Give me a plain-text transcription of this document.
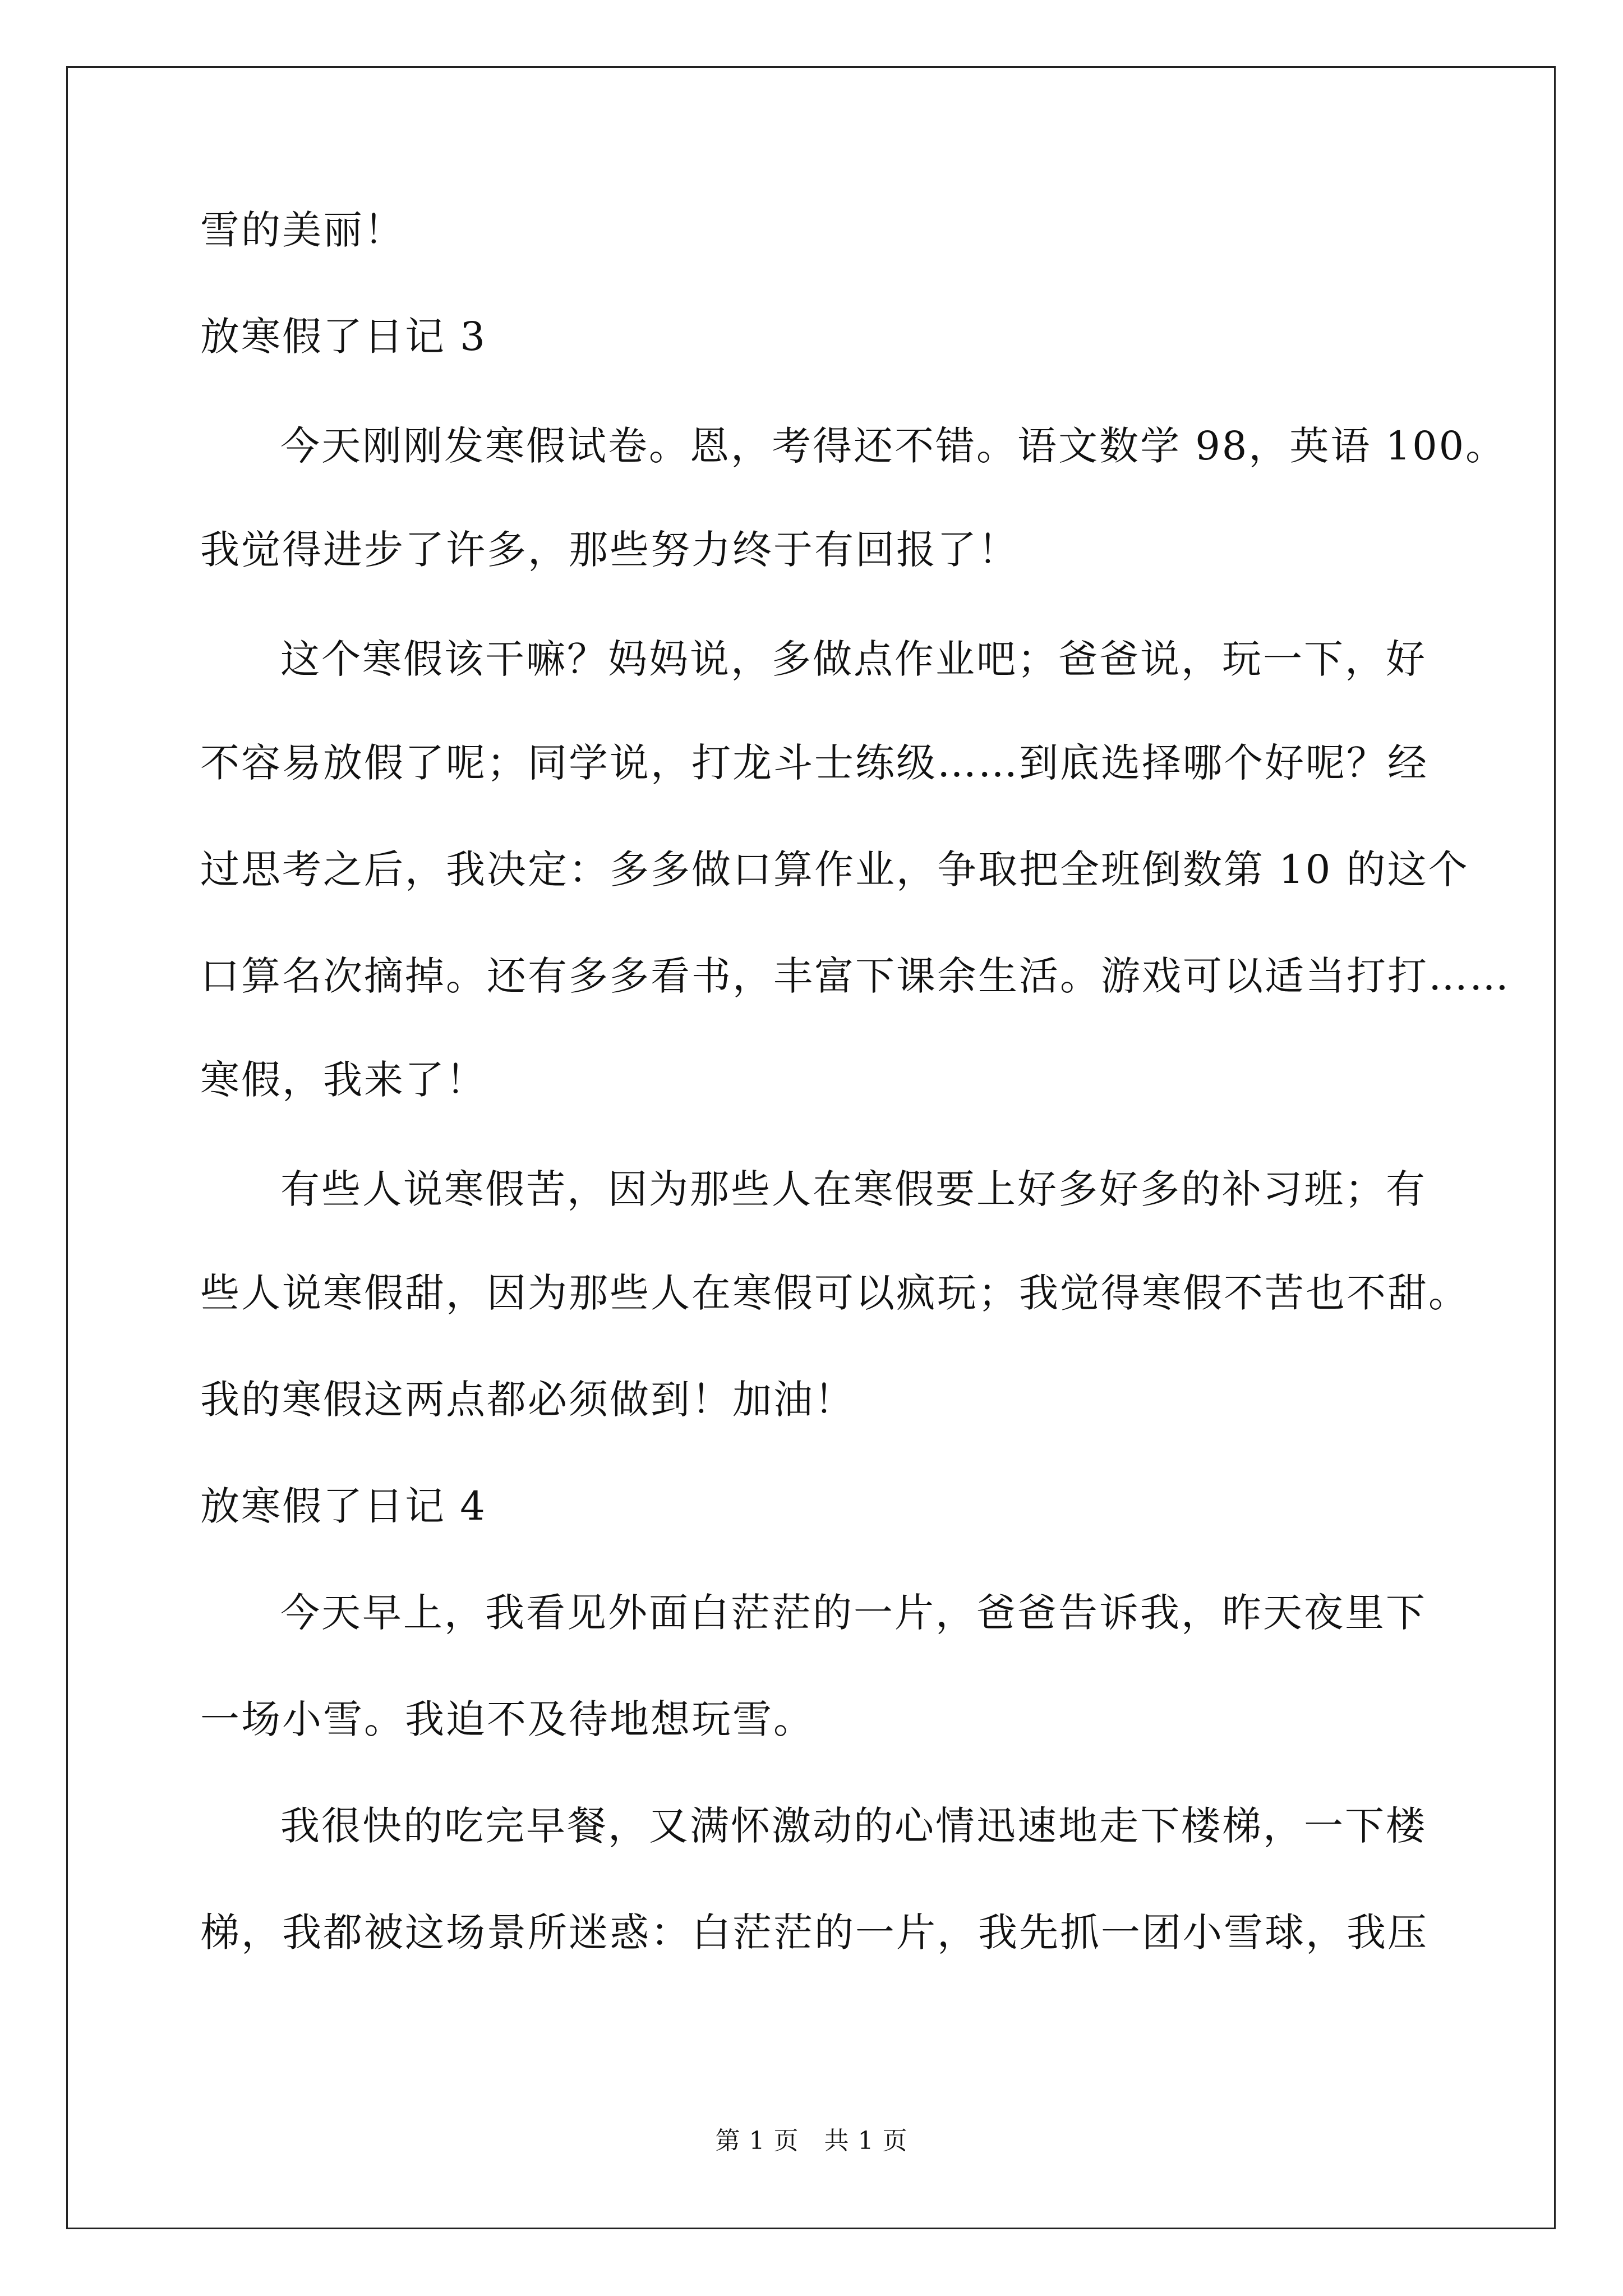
雪的美丽！
放寒假了日记 3
今天刚刚发寒假试卷。恩，考得还不错。语文数学 98，英语 100。
我觉得进步了许多，那些努力终于有回报了！
这个寒假该干嘛？妈妈说，多做点作业吧；爸爸说，玩一下，好
不容易放假了呢；同学说，打龙斗士练级……到底选择哪个好呢？经
过思考之后，我决定：多多做口算作业，争取把全班倒数第 10 的这个
口算名次摘掉。还有多多看书，丰富下课余生活。游戏可以适当打打……
寒假，我来了！
有些人说寒假苦，因为那些人在寒假要上好多好多的补习班；有
些人说寒假甜，因为那些人在寒假可以疯玩；我觉得寒假不苦也不甜。
我的寒假这两点都必须做到！加油！
放寒假了日记 4
今天早上，我看见外面白茫茫的一片，爸爸告诉我，昨天夜里下
一场小雪。我迫不及待地想玩雪。
我很快的吃完早餐，又满怀激动的心情迅速地走下楼梯，一下楼
梯，我都被这场景所迷惑：白茫茫的一片，我先抓一团小雪球，我压
第 1 页　共 1 页
